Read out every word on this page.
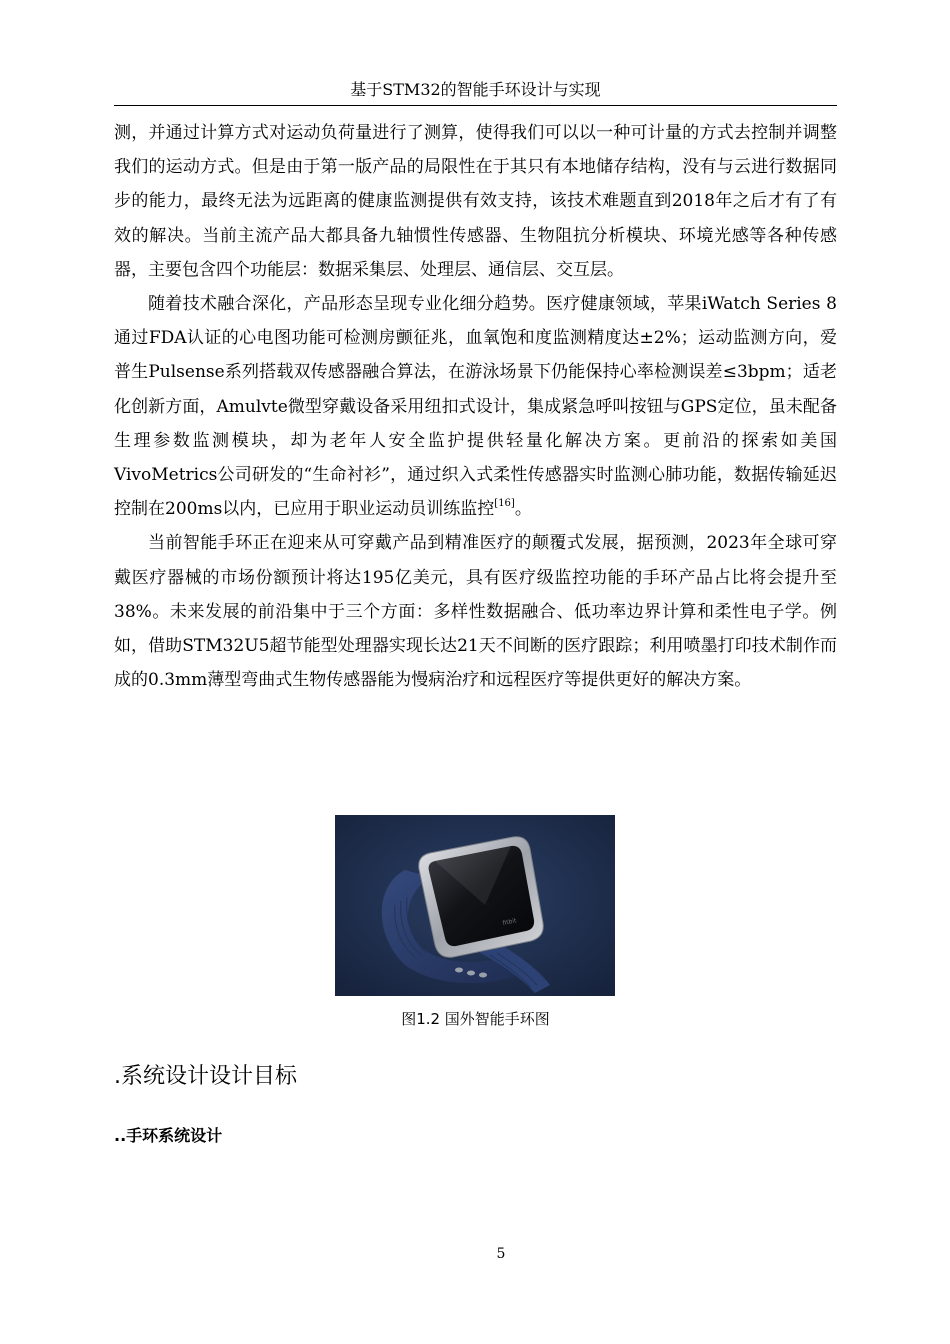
基于STM32的智能手环设计与实现

测，并通过计算方式对运动负荷量进行了测算，使得我们可以以一种可计量的方式去控制并调整我们的运动方式。但是由于第一版产品的局限性在于其只有本地储存结构，没有与云进行数据同步的能力，最终无法为远距离的健康监测提供有效支持，该技术难题直到2018年之后才有了有效的解决。当前主流产品大都具备九轴惯性传感器、生物阻抗分析模块、环境光感等各种传感器，主要包含四个功能层：数据采集层、处理层、通信层、交互层。

随着技术融合深化，产品形态呈现专业化细分趋势。医疗健康领域，苹果iWatch Series 8通过FDA认证的心电图功能可检测房颤征兆，血氧饱和度监测精度达±2%；运动监测方向，爱普生Pulsense系列搭载双传感器融合算法，在游泳场景下仍能保持心率检测误差≤3bpm；适老化创新方面，Amulvte微型穿戴设备采用纽扣式设计，集成紧急呼叫按钮与GPS定位，虽未配备生理参数监测模块，却为老年人安全监护提供轻量化解决方案。更前沿的探索如美国VivoMetrics公司研发的“生命衬衫”，通过织入式柔性传感器实时监测心肺功能，数据传输延迟控制在200ms以内，已应用于职业运动员训练监控[16]。

当前智能手环正在迎来从可穿戴产品到精准医疗的颠覆式发展，据预测，2023年全球可穿戴医疗器械的市场份额预计将达195亿美元，具有医疗级监控功能的手环产品占比将会提升至38%。未来发展的前沿集中于三个方面：多样性数据融合、低功率边界计算和柔性电子学。例如，借助STM32U5超节能型处理器实现长达21天不间断的医疗跟踪；利用喷墨打印技术制作而成的0.3mm薄型弯曲式生物传感器能为慢病治疗和远程医疗等提供更好的解决方案。

fitbit
图1.2 国外智能手环图
.系统设计设计目标
..手环系统设计
5
